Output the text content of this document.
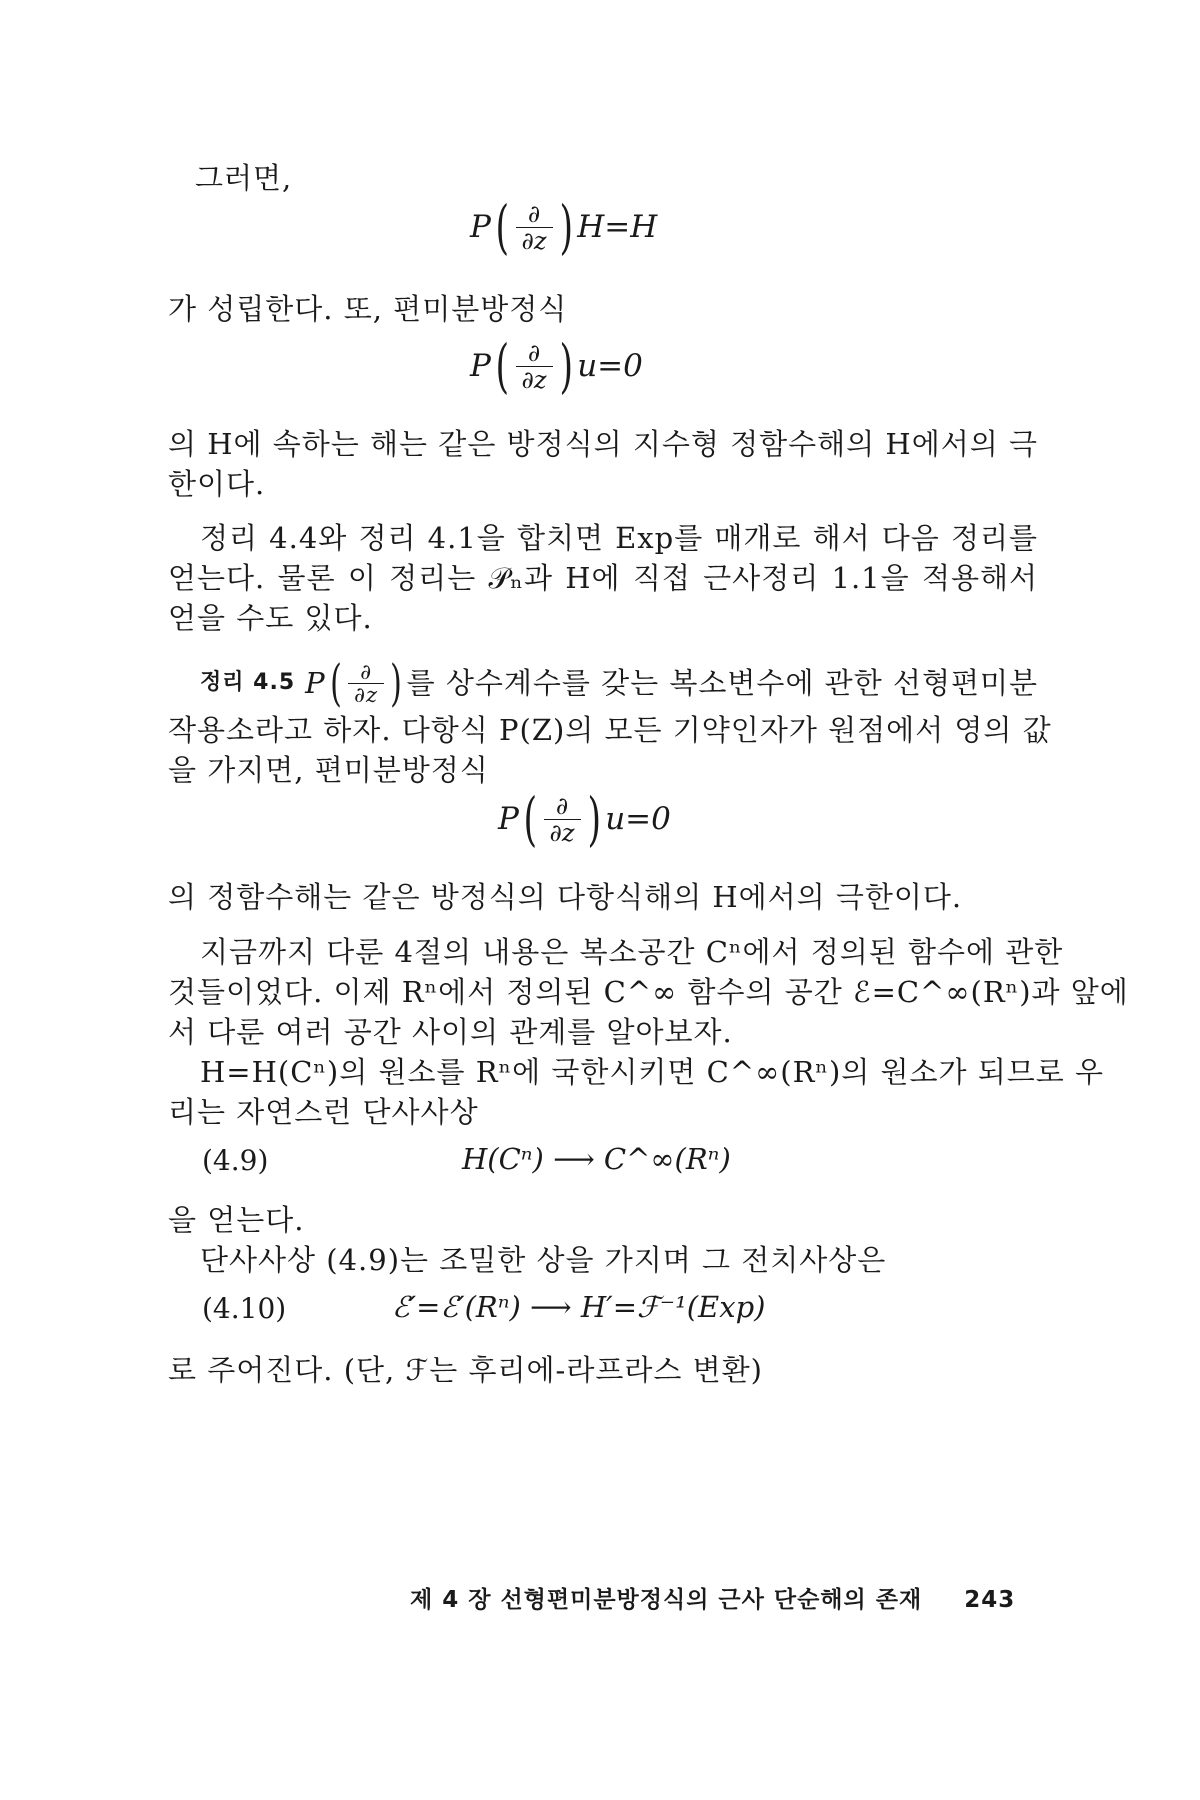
그러면,
P ( $\frac{\partial}{\partial z}$ ) H=H
가 성립한다. 또, 편미분방정식
P ( $\frac{\partial}{\partial z}$ ) u=0
의 H에 속하는 해는 같은 방정식의 지수형 정함수해의 H에서의 극
한이다.
정리 4.4와 정리 4.1을 합치면 Exp를 매개로 해서 다음 정리를
얻는다. 물론 이 정리는 𝒫ₙ과 H에 직접 근사정리 1.1을 적용해서
얻을 수도 있다.
정리 4.5 P ( $\frac{\partial}{\partial z}$ ) 를 상수계수를 갖는 복소변수에 관한 선형편미분
작용소라고 하자. 다항식 P(Z)의 모든 기약인자가 원점에서 영의 값
을 가지면, 편미분방정식
P ( $\frac{\partial}{\partial z}$ ) u=0
의 정함수해는 같은 방정식의 다항식해의 H에서의 극한이다.
지금까지 다룬 4절의 내용은 복소공간 Cⁿ에서 정의된 함수에 관한
것들이었다. 이제 Rⁿ에서 정의된 C^∞ 함수의 공간 ℰ=C^∞(Rⁿ)과 앞에
서 다룬 여러 공간 사이의 관계를 알아보자.
H=H(Cⁿ)의 원소를 Rⁿ에 국한시키면 C^∞(Rⁿ)의 원소가 되므로 우
리는 자연스런 단사사상
(4.9)	H(Cⁿ) ⟶ C^∞(Rⁿ)
을 얻는다.
단사사상 (4.9)는 조밀한 상을 가지며 그 전치사상은
(4.10)	ℰ′=ℰ′(Rⁿ) ⟶ H′=ℱ⁻¹(Exp)
로 주어진다. (단, ℱ는 후리에-라프라스 변환)
제 4 장 선형편미분방정식의 근사 단순해의 존재 243
